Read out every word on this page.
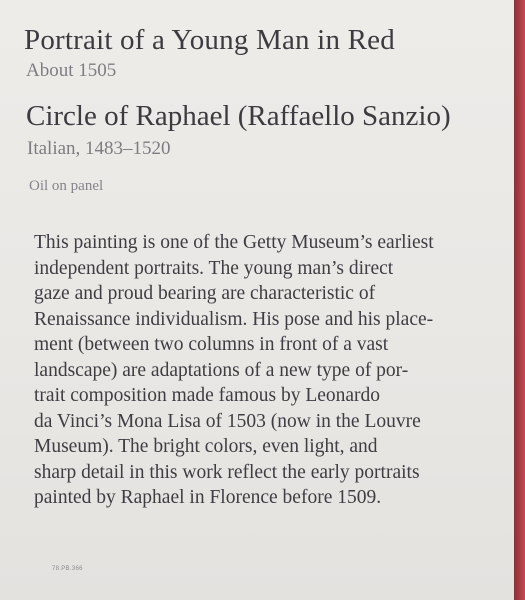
Portrait of a Young Man in Red
About 1505
Circle of Raphael (Raffaello Sanzio)
Italian, 1483–1520
Oil on panel
This painting is one of the Getty Museum’s earliest
independent portraits. The young man’s direct
gaze and proud bearing are characteristic of
Renaissance individualism. His pose and his place-
ment (between two columns in front of a vast
landscape) are adaptations of a new type of por-
trait composition made famous by Leonardo
da Vinci’s Mona Lisa of 1503 (now in the Louvre
Museum). The bright colors, even light, and
sharp detail in this work reflect the early portraits
painted by Raphael in Florence before 1509.
78.PB.366
